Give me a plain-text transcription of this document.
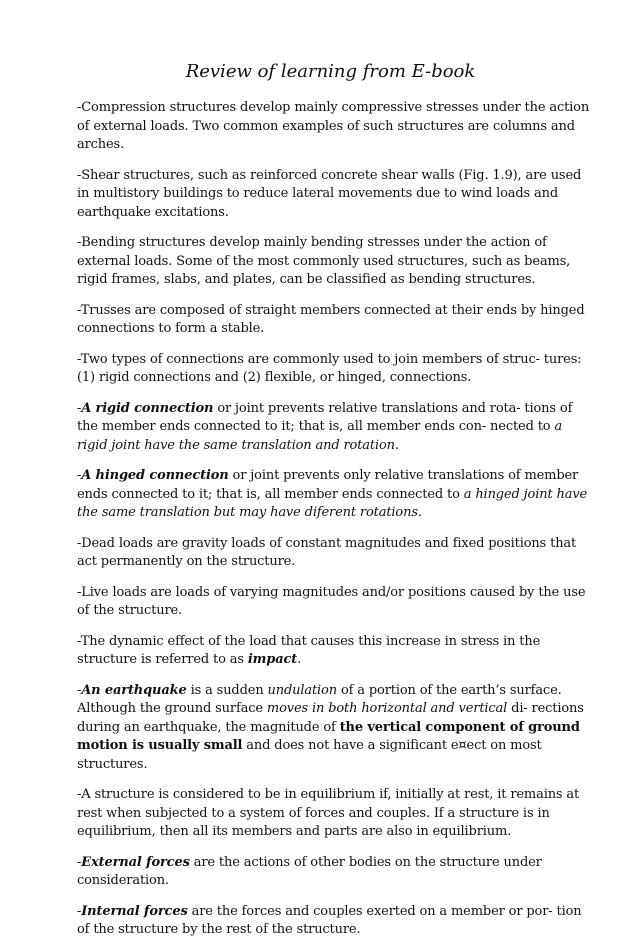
Review of learning from E-book

-Compression structures develop mainly compressive stresses under the action of external loads. Two common examples of such structures are columns and arches.

-Shear structures, such as reinforced concrete shear walls (Fig. 1.9), are used in multistory buildings to reduce lateral movements due to wind loads and earthquake excitations.

-Bending structures develop mainly bending stresses under the action of external loads. Some of the most commonly used structures, such as beams, rigid frames, slabs, and plates, can be classified as bending structures.

-Trusses are composed of straight members connected at their ends by hinged connections to form a stable.

-Two types of connections are commonly used to join members of struc- tures: (1) rigid connections and (2) flexible, or hinged, connections.

-A rigid connection or joint prevents relative translations and rota- tions of the member ends connected to it; that is, all member ends con- nected to a rigid joint have the same translation and rotation.

-A hinged connection or joint prevents only relative translations of member ends connected to it; that is, all member ends connected to a hinged joint have the same translation but may have diferent rotations.

-Dead loads are gravity loads of constant magnitudes and fixed positions that act permanently on the structure.

-Live loads are loads of varying magnitudes and/or positions caused by the use of the structure.

-The dynamic effect of the load that causes this increase in stress in the structure is referred to as impact.

-An earthquake is a sudden undulation of a portion of the earth’s surface. Although the ground surface moves in both horizontal and vertical di- rections during an earthquake, the magnitude of the vertical component of ground motion is usually small and does not have a significant e¤ect on most structures.

-A structure is considered to be in equilibrium if, initially at rest, it remains at rest when subjected to a system of forces and couples. If a structure is in equilibrium, then all its members and parts are also in equilibrium.

-External forces are the actions of other bodies on the structure under consideration.

-Internal forces are the forces and couples exerted on a member or por- tion of the structure by the rest of the structure.
